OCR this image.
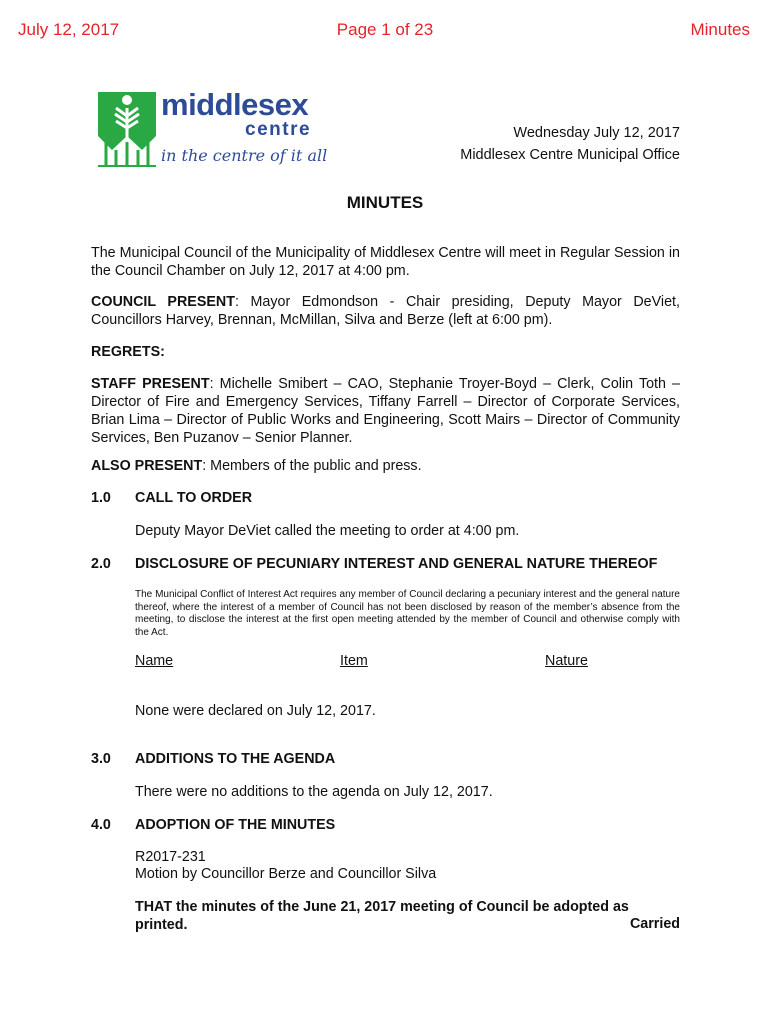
July 12, 2017	Page 1 of 23	Minutes
middlesex
centre
in the centre of it all
Wednesday July 12, 2017
Middlesex Centre Municipal Office
MINUTES

The Municipal Council of the Municipality of Middlesex Centre will meet in Regular Session in the Council Chamber on July 12, 2017 at 4:00 pm.

COUNCIL PRESENT: Mayor Edmondson - Chair presiding, Deputy Mayor DeViet, Councillors Harvey, Brennan, McMillan, Silva and Berze (left at 6:00 pm).

REGRETS:

STAFF PRESENT: Michelle Smibert – CAO, Stephanie Troyer-Boyd – Clerk, Colin Toth – Director of Fire and Emergency Services, Tiffany Farrell – Director of Corporate Services, Brian Lima – Director of Public Works and Engineering, Scott Mairs – Director of Community Services, Ben Puzanov – Senior Planner.

ALSO PRESENT: Members of the public and press.

1.0 CALL TO ORDER
Deputy Mayor DeViet called the meeting to order at 4:00 pm.
2.0 DISCLOSURE OF PECUNIARY INTEREST AND GENERAL NATURE THEREOF
The Municipal Conflict of Interest Act requires any member of Council declaring a pecuniary interest and the general nature thereof, where the interest of a member of Council has not been disclosed by reason of the member’s absence from the meeting, to disclose the interest at the first open meeting attended by the member of Council and otherwise comply with the Act.
Name	Item	Nature
None were declared on July 12, 2017.
3.0 ADDITIONS TO THE AGENDA
There were no additions to the agenda on July 12, 2017.
4.0 ADOPTION OF THE MINUTES
R2017-231
Motion by Councillor Berze and Councillor Silva
THAT the minutes of the June 21, 2017 meeting of Council be adopted as printed.	Carried
